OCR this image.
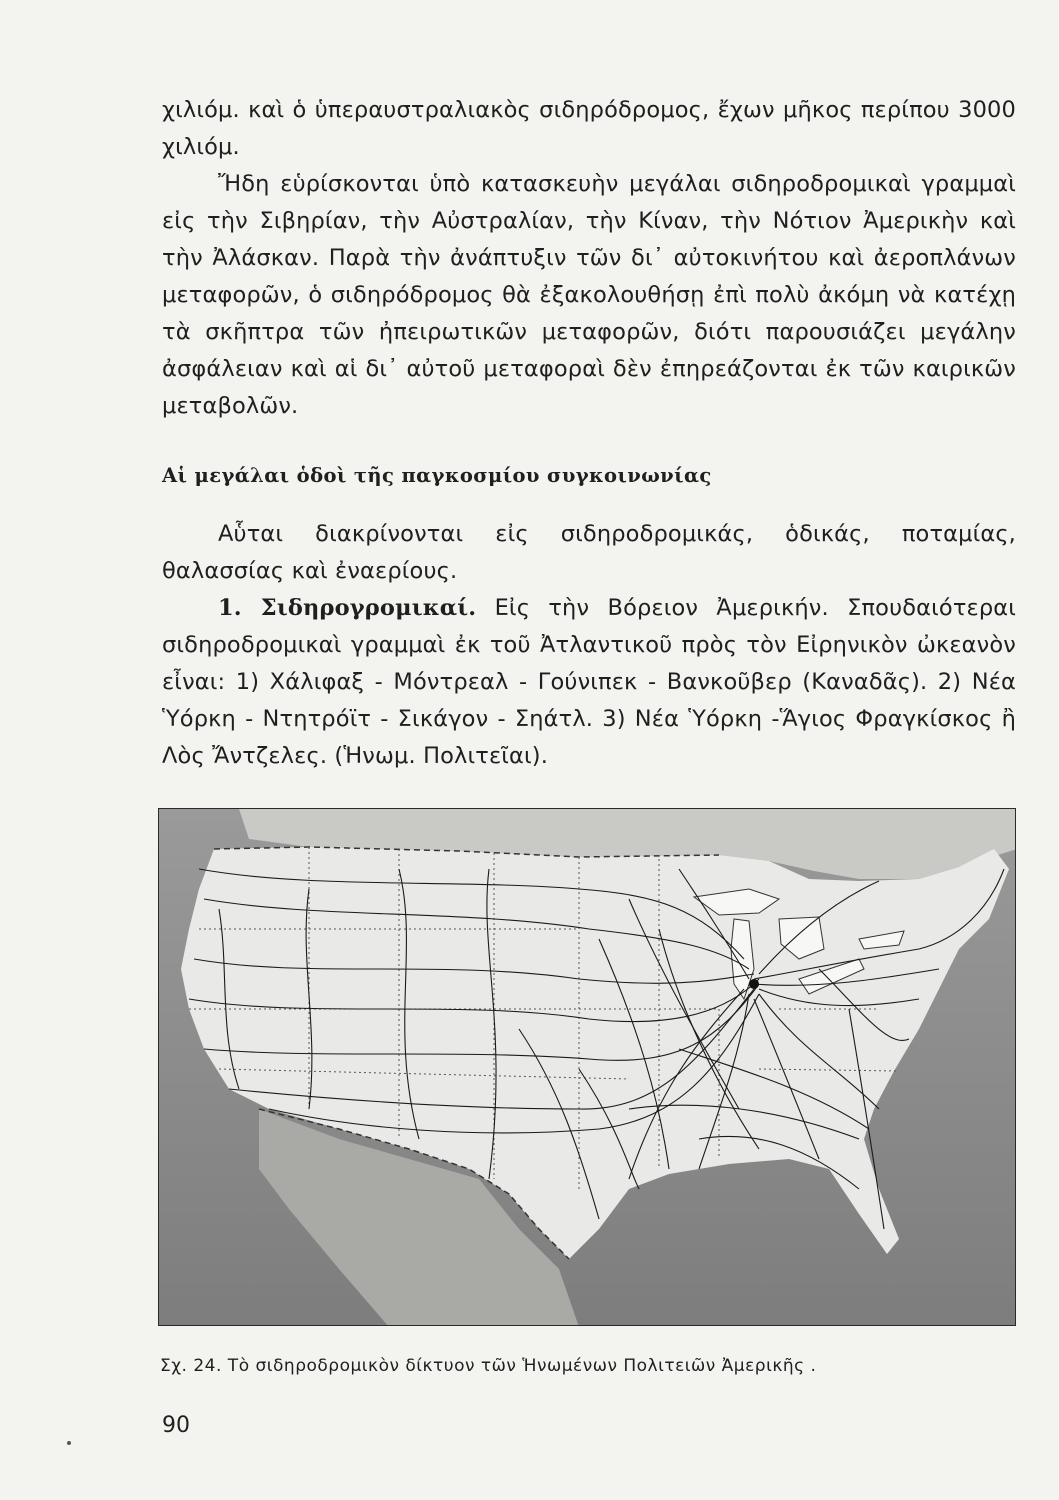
χιλιόμ. καὶ ὁ ὑπεραυστραλιακὸς σιδηρόδρομος, ἔχων μῆκος περίπου 3000 χιλιόμ.

Ἤδη εὑρίσκονται ὑπὸ κατασκευὴν μεγάλαι σιδηροδρομικαὶ γραμμαὶ εἰς τὴν Σιβηρίαν, τὴν Αὐστραλίαν, τὴν Κίναν, τὴν Νότιον Ἀμερικὴν καὶ τὴν Ἀλάσκαν. Παρὰ τὴν ἀνάπτυξιν τῶν δι᾽ αὐτοκινήτου καὶ ἀεροπλάνων μεταφορῶν, ὁ σιδηρόδρομος θὰ ἐξακολουθήσῃ ἐπὶ πολὺ ἀκόμη νὰ κατέχῃ τὰ σκῆπτρα τῶν ἠπειρωτικῶν μεταφορῶν, διότι παρουσιάζει μεγάλην ἀσφάλειαν καὶ αἱ δι᾽ αὐτοῦ μεταφοραὶ δὲν ἐπηρεάζονται ἐκ τῶν καιρικῶν μεταβολῶν.

Αἱ μεγάλαι ὁδοὶ τῆς παγκοσμίου συγκοινωνίας

Αὗται διακρίνονται εἰς σιδηροδρομικάς, ὁδικάς, ποταμίας, θαλασσίας καὶ ἐναερίους.

1. Σιδηρογρομικαί. Εἰς τὴν Βόρειον Ἀμερικήν. Σπουδαιότεραι σιδηροδρομικαὶ γραμμαὶ ἐκ τοῦ Ἀτλαντικοῦ πρὸς τὸν Εἰρηνικὸν ὠκεανὸν εἶναι: 1) Χάλιφαξ - Μόντρεαλ - Γούνιπεκ - Βανκοῦβερ (Καναδᾶς). 2) Νέα Ὑόρκη - Ντητρόϊτ - Σικάγον - Σηάτλ. 3) Νέα Ὑόρκη -Ἅγιος Φραγκίσκος ἢ Λὸς Ἄντζελες. (Ἡνωμ. Πολιτεῖαι).

Σχ. 24. Τὸ σιδηροδρομικὸν δίκτυον τῶν Ἡνωμένων Πολιτειῶν Ἀμερικῆς .
90
